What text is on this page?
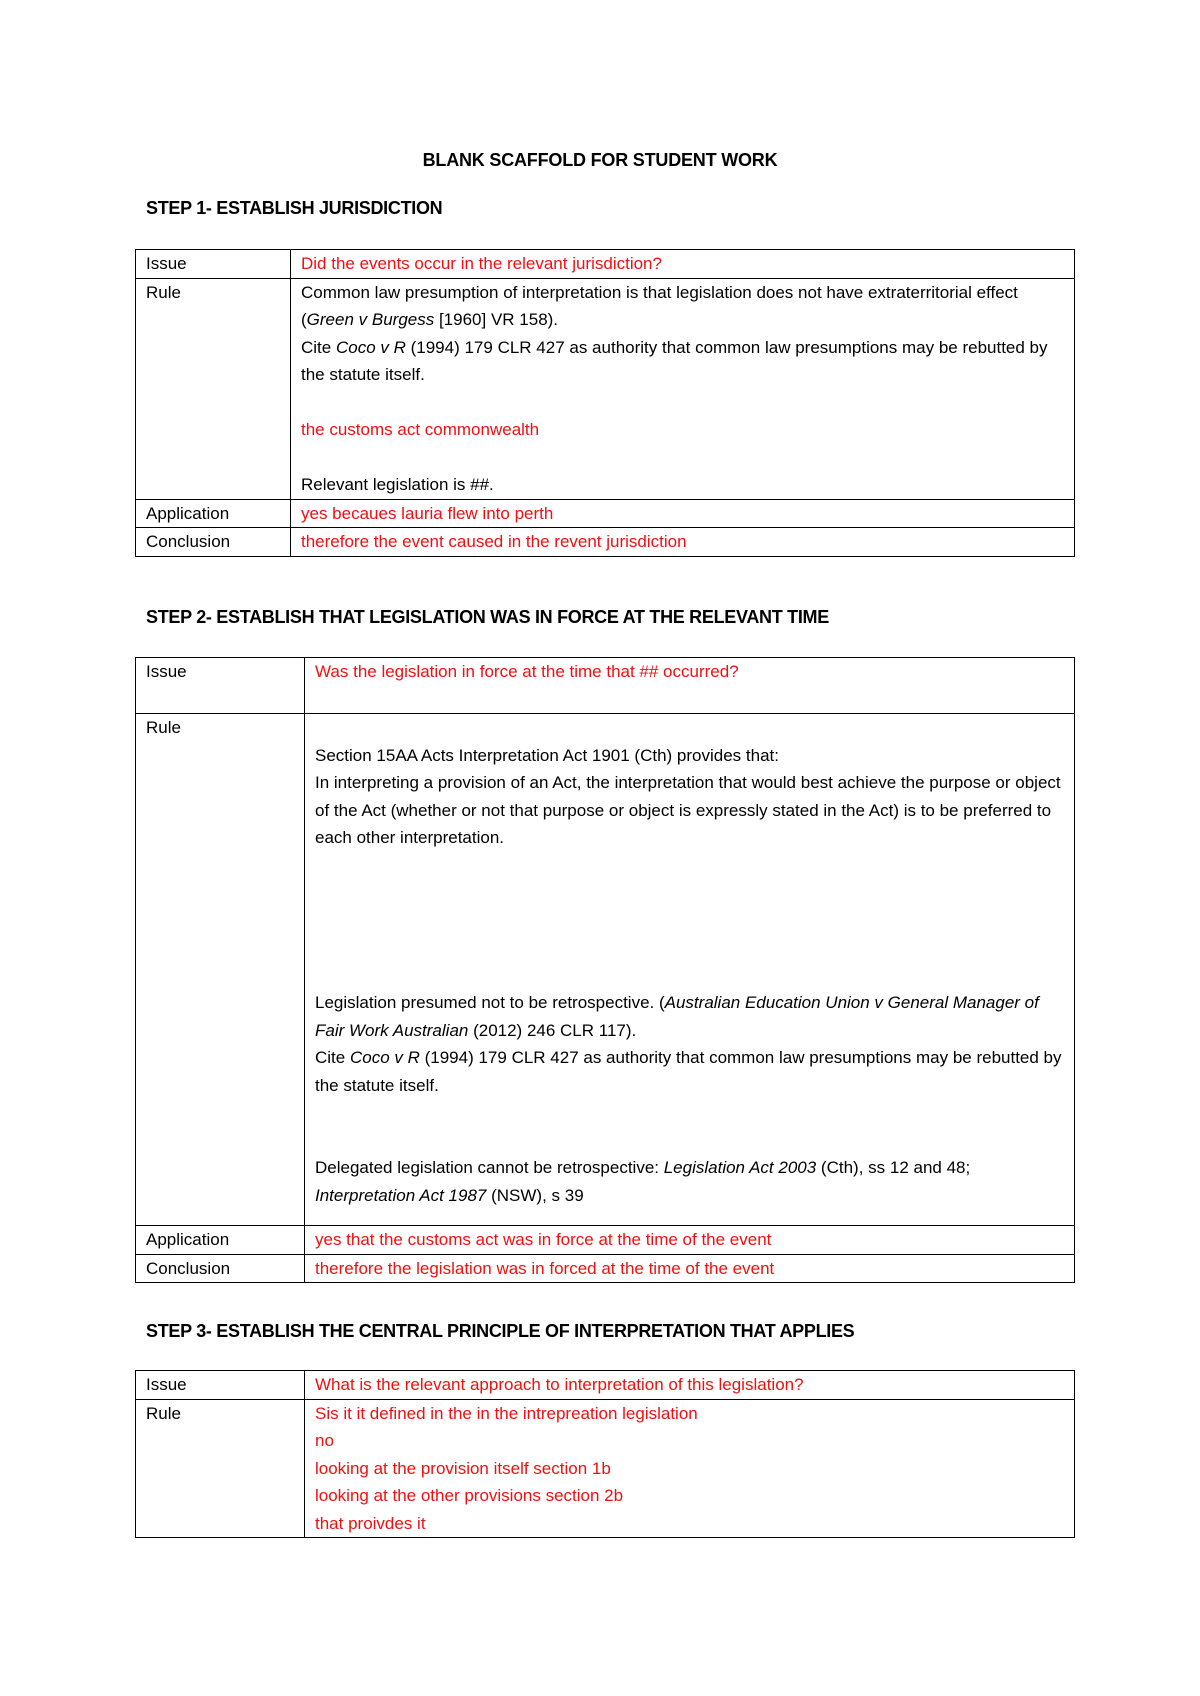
BLANK SCAFFOLD FOR STUDENT WORK
STEP 1- ESTABLISH JURISDICTION
Issue	Did the events occur in the relevant jurisdiction?
Rule	Common law presumption of interpretation is that legislation does not have extraterritorial effect (Green v Burgess [1960] VR 158).
Cite Coco v R (1994) 179 CLR 427 as authority that common law presumptions may be rebutted by the statute itself.
the customs act commonwealth
Relevant legislation is ##.

Application	yes becaues lauria flew into perth
Conclusion	therefore the event caused in the revent jurisdiction
STEP 2- ESTABLISH THAT LEGISLATION WAS IN FORCE AT THE RELEVANT TIME
Issue	Was the legislation in force at the time that ## occurred?
Rule	Section 15AA Acts Interpretation Act 1901 (Cth) provides that:
In interpreting a provision of an Act, the interpretation that would best achieve the purpose or object of the Act (whether or not that purpose or object is expressly stated in the Act) is to be preferred to each other interpretation.
Legislation presumed not to be retrospective. (Australian Education Union v General Manager of Fair Work Australian (2012) 246 CLR 117).
Cite Coco v R (1994) 179 CLR 427 as authority that common law presumptions may be rebutted by the statute itself.
Delegated legislation cannot be retrospective: Legislation Act 2003 (Cth), ss 12 and 48; Interpretation Act 1987 (NSW), s 39

Application	yes that the customs act was in force at the time of the event
Conclusion	therefore the legislation was in forced at the time of the event
STEP 3- ESTABLISH THE CENTRAL PRINCIPLE OF INTERPRETATION THAT APPLIES
Issue	What is the relevant approach to interpretation of this legislation?
Rule	Sis it it defined in the in the intrepreation legislation
no
looking at the provision itself section 1b
looking at the other provisions section 2b
that proivdes it
